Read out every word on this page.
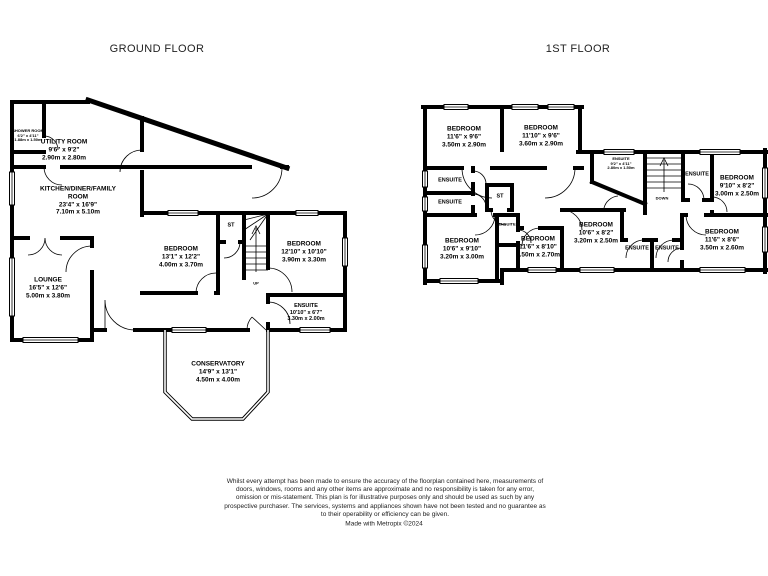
GROUND FLOOR	1ST FLOOR
SHOWER ROOM
6'2" x 4'11"
1.88m x 1.50m UTILITY ROOM
9'6" x 9'2"
2.90m x 2.80m
KITCHEN/DINER/FAMILY ROOM
23'4" x 16'9"
7.10m x 5.10m
LOUNGE
16'5" x 12'6"
5.00m x 3.80m
BEDROOM
13'1" x 12'2"
4.00m x 3.70m
ST
BEDROOM
12'10" x 10'10"
3.90m x 3.30m
ENSUITE
10'10" x 6'7"
3.30m x 2.00m
CONSERVATORY
14'9" x 13'1"
4.50m x 4.00m
UP
BEDROOM
11'6" x 9'6"
3.50m x 2.90m
BEDROOM
11'10" x 9'6"
3.60m x 2.90m
ENSUITE
ENSUITE
ST
ENSUITE
BEDROOM
10'6" x 9'10"
3.20m x 3.00m
BEDROOM
11'6" x 8'10"
3.50m x 2.70m
BEDROOM
10'6" x 8'2"
3.20m x 2.50m
ENSUITE ENSUITE
BEDROOM
11'6" x 8'6"
3.50m x 2.60m
BEDROOM
9'10" x 8'2"
3.00m x 2.50m
ENSUITE
ENSUITE
9'2" x 4'11"
2.80m x 1.50m
DOWN
Whilst every attempt has been made to ensure the accuracy of the floorplan contained here, measurements of doors, windows, rooms and any other items are approximate and no responsibility is taken for any error, omission or mis-statement. This plan is for illustrative purposes only and should be used as such by any prospective purchaser. The services, systems and appliances shown have not been tested and no guarantee as to their operability or efficiency can be given.
Made with Metropix ©2024
